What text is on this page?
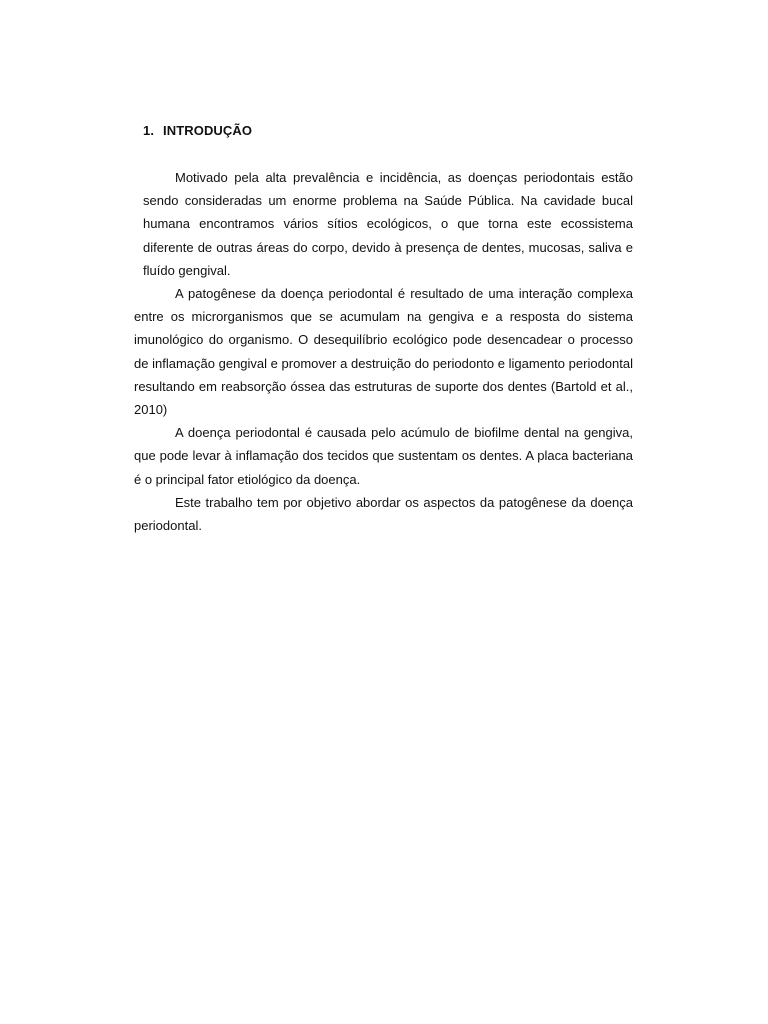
1. INTRODUÇÃO

Motivado pela alta prevalência e incidência, as doenças periodontais estão sendo consideradas um enorme problema na Saúde Pública. Na cavidade bucal humana encontramos vários sítios ecológicos, o que torna este ecossistema diferente de outras áreas do corpo, devido à presença de dentes, mucosas, saliva e fluído gengival.

A patogênese da doença periodontal é resultado de uma interação complexa entre os microrganismos que se acumulam na gengiva e a resposta do sistema imunológico do organismo. O desequilíbrio ecológico pode desencadear o processo de inflamação gengival e promover a destruição do periodonto e ligamento periodontal resultando em reabsorção óssea das estruturas de suporte dos dentes (Bartold et al., 2010)

A doença periodontal é causada pelo acúmulo de biofilme dental na gengiva, que pode levar à inflamação dos tecidos que sustentam os dentes. A placa bacteriana é o principal fator etiológico da doença.

Este trabalho tem por objetivo abordar os aspectos da patogênese da doença periodontal.
